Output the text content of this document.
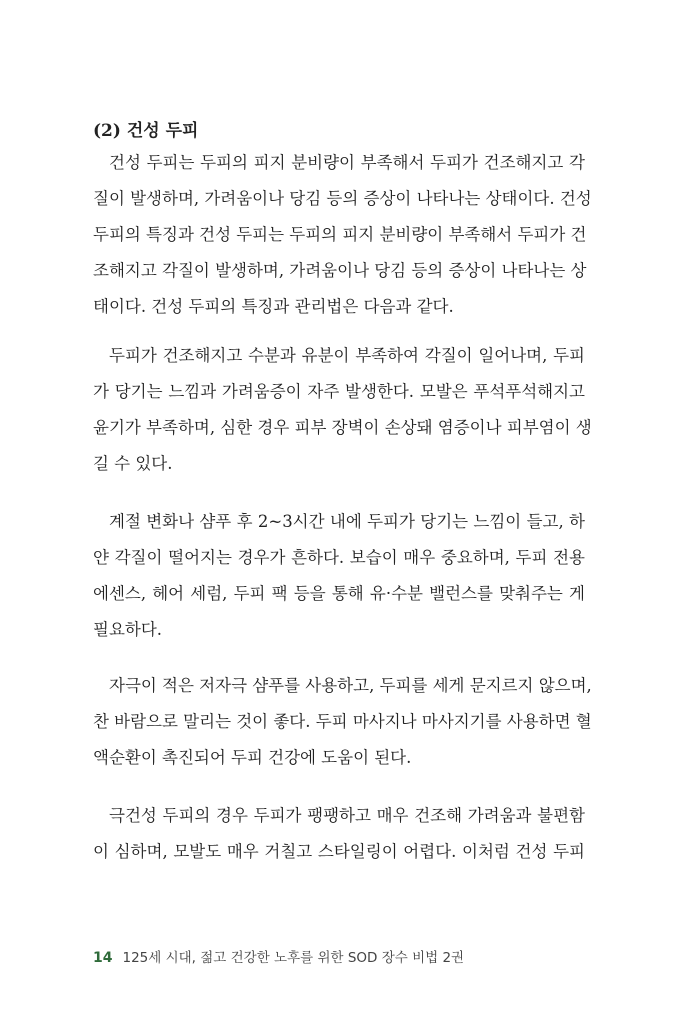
(2) 건성 두피
건성 두피는 두피의 피지 분비량이 부족해서 두피가 건조해지고 각
질이 발생하며, 가려움이나 당김 등의 증상이 나타나는 상태이다. 건성
두피의 특징과 건성 두피는 두피의 피지 분비량이 부족해서 두피가 건
조해지고 각질이 발생하며, 가려움이나 당김 등의 증상이 나타나는 상
태이다. 건성 두피의 특징과 관리법은 다음과 같다.
두피가 건조해지고 수분과 유분이 부족하여 각질이 일어나며, 두피
가 당기는 느낌과 가려움증이 자주 발생한다. 모발은 푸석푸석해지고
윤기가 부족하며, 심한 경우 피부 장벽이 손상돼 염증이나 피부염이 생
길 수 있다.
계절 변화나 샴푸 후 2~3시간 내에 두피가 당기는 느낌이 들고, 하
얀 각질이 떨어지는 경우가 흔하다. 보습이 매우 중요하며, 두피 전용
에센스, 헤어 세럼, 두피 팩 등을 통해 유·수분 밸런스를 맞춰주는 게
필요하다.
자극이 적은 저자극 샴푸를 사용하고, 두피를 세게 문지르지 않으며,
찬 바람으로 말리는 것이 좋다. 두피 마사지나 마사지기를 사용하면 혈
액순환이 촉진되어 두피 건강에 도움이 된다.
극건성 두피의 경우 두피가 팽팽하고 매우 건조해 가려움과 불편함
이 심하며, 모발도 매우 거칠고 스타일링이 어렵다. 이처럼 건성 두피
14 125세 시대, 젊고 건강한 노후를 위한 SOD 장수 비법 2권
